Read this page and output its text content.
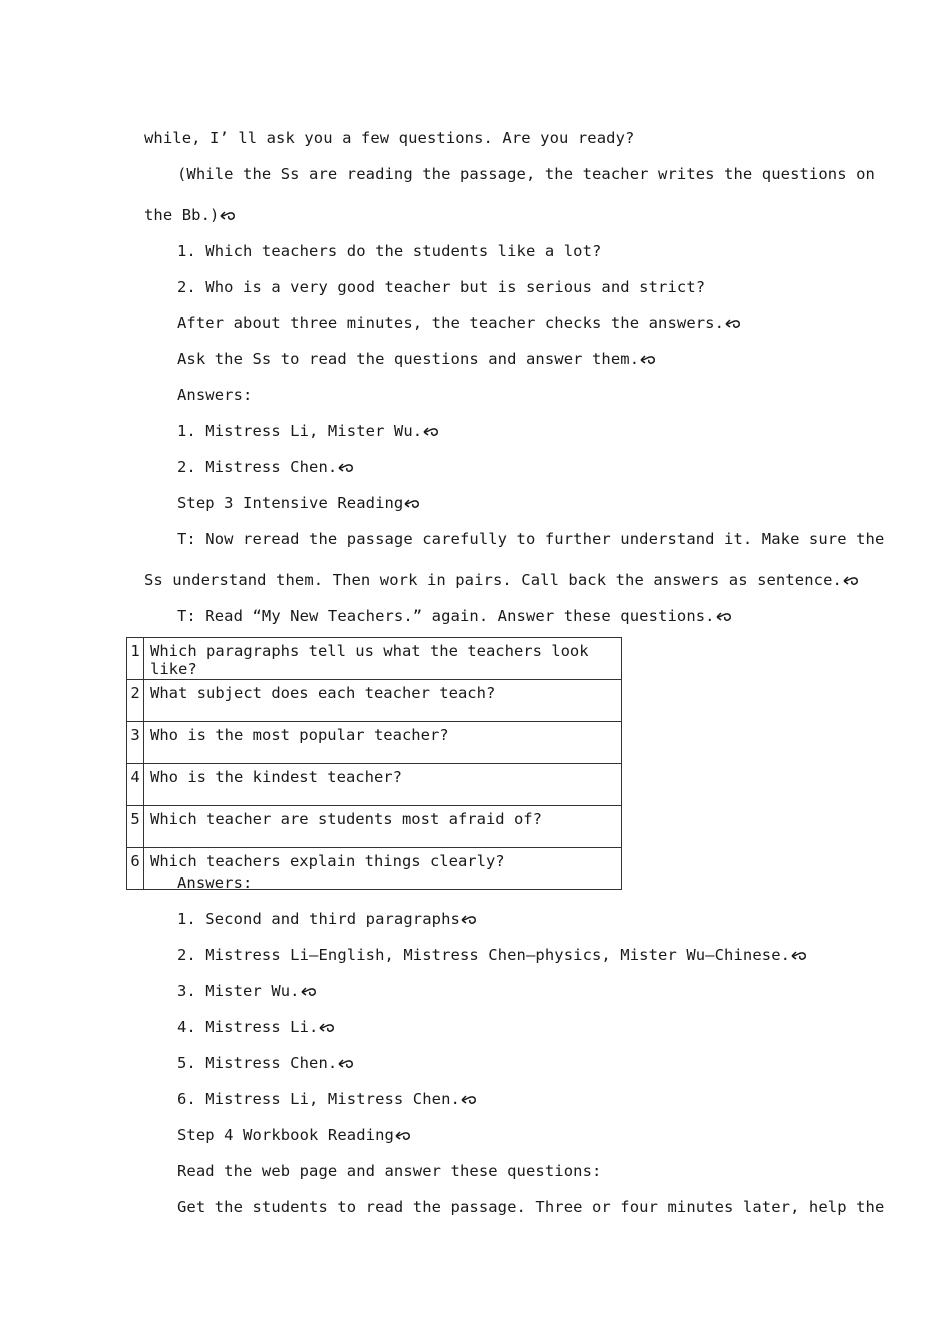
while, I’ ll ask you a few questions. Are you ready?
(While the Ss are reading the passage, the teacher writes the questions on
the Bb.)
1. Which teachers do the students like a lot?
2. Who is a very good teacher but is serious and strict?
After about three minutes, the teacher checks the answers.
Ask the Ss to read the questions and answer them.
Answers:
1. Mistress Li, Mister Wu.
2. Mistress Chen.
Step 3 Intensive Reading
T: Now reread the passage carefully to further understand it. Make sure the
Ss understand them. Then work in pairs. Call back the answers as sentence.
T: Read “My New Teachers.” again. Answer these questions.
1	Which paragraphs tell us what the teachers look like?
2	What subject does each teacher teach?
3	Who is the most popular teacher?
4	Who is the kindest teacher?
5	Which teacher are students most afraid of?
6	Which teachers explain things clearly?
Answers:
1. Second and third paragraphs
2. Mistress Li—English, Mistress Chen—physics, Mister Wu—Chinese.
3. Mister Wu.
4. Mistress Li.
5. Mistress Chen.
6. Mistress Li, Mistress Chen.
Step 4 Workbook Reading
Read the web page and answer these questions:
Get the students to read the passage. Three or four minutes later, help the
